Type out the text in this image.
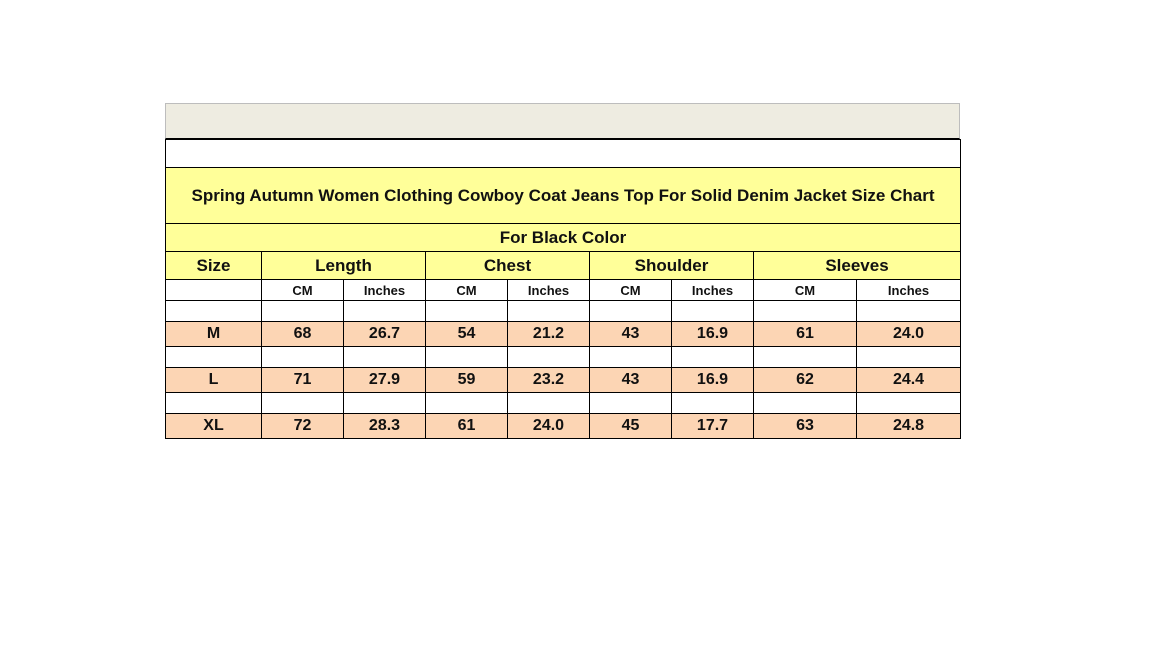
Spring Autumn Women Clothing Cowboy Coat Jeans Top For Solid Denim Jacket Size Chart								
For Black Color								
Size	Length		Chest		Shoulder		Sleeves	
	CM	Inches	CM	Inches	CM	Inches	CM	Inches

M	68	26.7	54	21.2	43	16.9	61	24.0

L	71	27.9	59	23.2	43	16.9	62	24.4

XL	72	28.3	61	24.0	45	17.7	63	24.8
